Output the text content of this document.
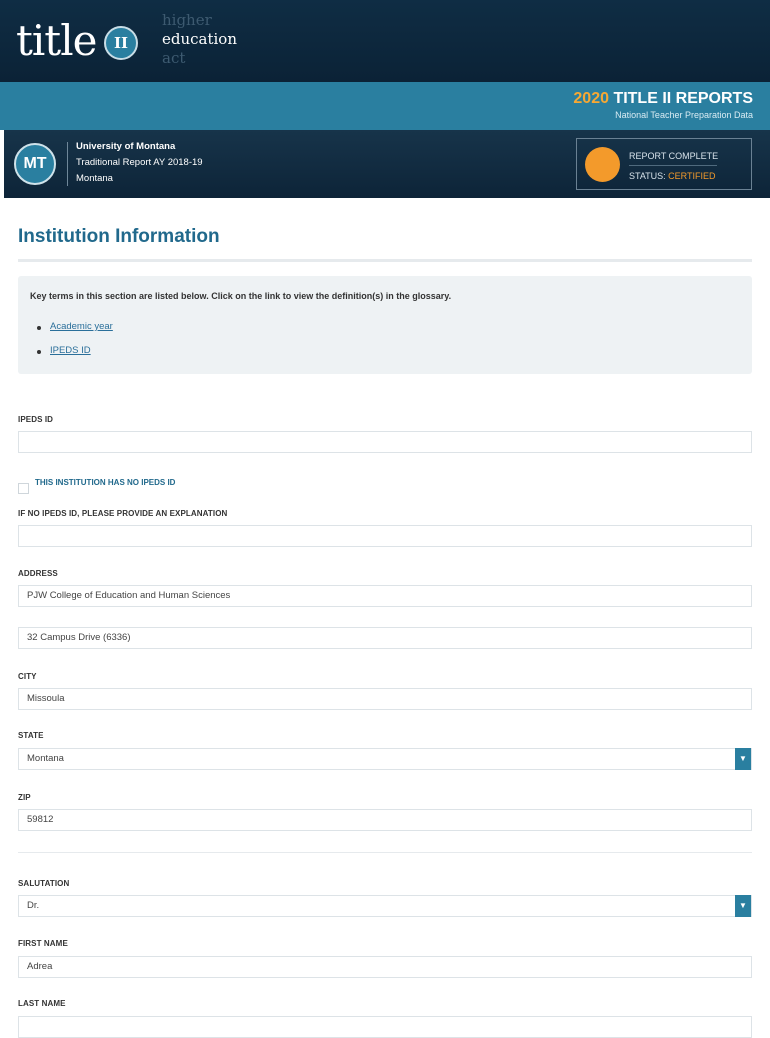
title	II
higher
education
act
2020 TITLE II REPORTS
National Teacher Preparation Data
MT
University of Montana
Traditional Report AY 2018-19
Montana
REPORT COMPLETE
STATUS: CERTIFIED
Institution Information
Key terms in this section are listed below. Click on the link to view the definition(s) in the glossary.
Academic year
IPEDS ID
IPEDS ID
THIS INSTITUTION HAS NO IPEDS ID
IF NO IPEDS ID, PLEASE PROVIDE AN EXPLANATION
ADDRESS
PJW College of Education and Human Sciences
32 Campus Drive (6336)
CITY
Missoula
STATE
Montana	▼
ZIP
59812
SALUTATION
Dr.	▼
FIRST NAME
Adrea
LAST NAME
